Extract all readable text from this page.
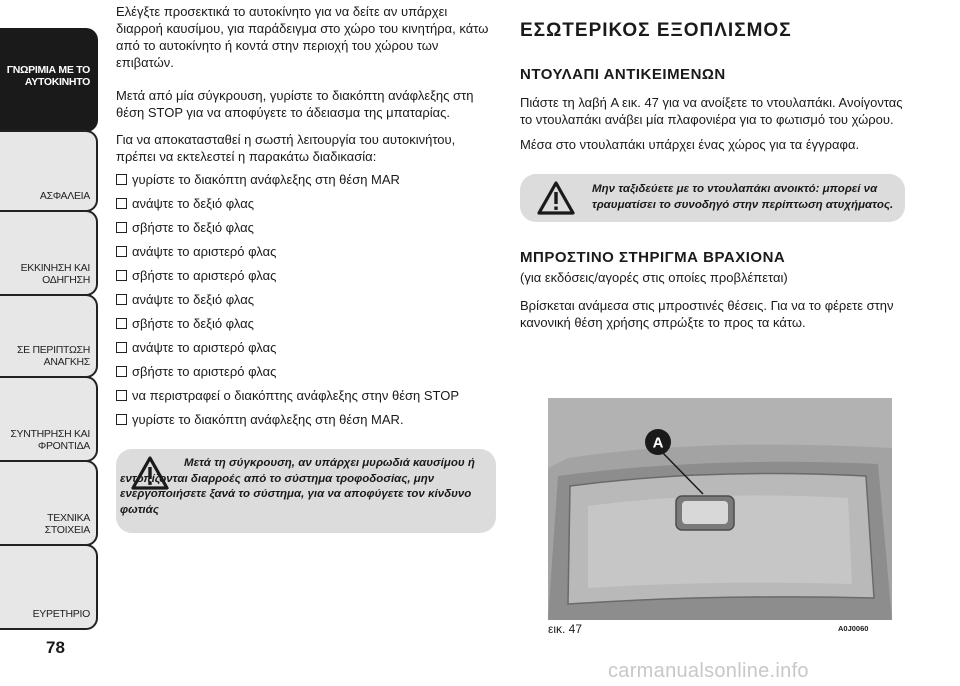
ΓΝΩΡΙΜΙΑ ΜΕ ΤΟ
ΑΥΤΟΚΙΝΗΤΟ
ΑΣΦΑΛΕΙΑ
ΕΚΚΙΝΗΣΗ ΚΑΙ
ΟΔΗΓΗΣΗ
ΣΕ ΠΕΡΙΠΤΩΣΗ
ΑΝΑΓΚΗΣ
ΣΥΝΤΗΡΗΣΗ ΚΑΙ
ΦΡΟΝΤΙΔΑ
ΤΕΧΝΙΚΑ ΣΤΟΙΧΕΙΑ
ΕΥΡΕΤΗΡΙΟ
78

Ελέγξτε προσεκτικά το αυτοκίνητο για να δείτε αν υπάρχει διαρροή καυσίμου, για παράδειγμα στο χώρο του κινητήρα, κάτω από το αυτοκίνητο ή κοντά στην περιοχή του χώρου των επιβατών.

Μετά από μία σύγκρουση, γυρίστε το διακόπτη ανάφλεξης στη θέση STOP για να αποφύγετε το άδειασμα της μπαταρίας.

Για να αποκατασταθεί η σωστή λειτουργία του αυτοκινήτου, πρέπει να εκτελεστεί η παρακάτω διαδικασία:

γυρίστε το διακόπτη ανάφλεξης στη θέση MAR
ανάψτε το δεξιό φλας
σβήστε το δεξιό φλας
ανάψτε το αριστερό φλας
σβήστε το αριστερό φλας
ανάψτε το δεξιό φλας
σβήστε το δεξιό φλας
ανάψτε το αριστερό φλας
σβήστε το αριστερό φλας
να περιστραφεί ο διακόπτης ανάφλεξης στην θέση STOP
γυρίστε το διακόπτη ανάφλεξης στη θέση MAR.
Μετά τη σύγκρουση, αν υπάρχει μυρωδιά καυσίμου ή εντοπίζονται διαρροές από το σύστημα τροφοδοσίας, μην ενεργοποιήσετε ξανά το σύστημα, για να αποφύγετε τον κίνδυνο φωτιάς
ΕΣΩΤΕΡΙΚΟΣ ΕΞΟΠΛΙΣΜΟΣ
ΝΤΟΥΛΑΠΙ ΑΝΤΙΚΕΙΜΕΝΩΝ

Πιάστε τη λαβή A εικ. 47 για να ανοίξετε το ντουλαπάκι. Ανοίγοντας το ντουλαπάκι ανάβει μία πλαφονιέρα για το φωτισμό του χώρου.

Μέσα στο ντουλαπάκι υπάρχει ένας χώρος για τα έγγραφα.

ΜΠΡΟΣΤΙΝΟ ΣΤΗΡΙΓΜΑ ΒΡΑΧΙΟΝΑ

(για εκδόσεις/αγορές στις οποίες προβλέπεται)

Βρίσκεται ανάμεσα στις μπροστινές θέσεις. Για να το φέρετε στην κανονική θέση χρήσης σπρώξτε το προς τα κάτω.

Μην ταξιδεύετε με το ντουλαπάκι ανοικτό: μπορεί να τραυματίσει το συνοδηγό στην περίπτωση ατυχήματος.
A
εικ. 47	A0J0060
carmanualsonline.info
